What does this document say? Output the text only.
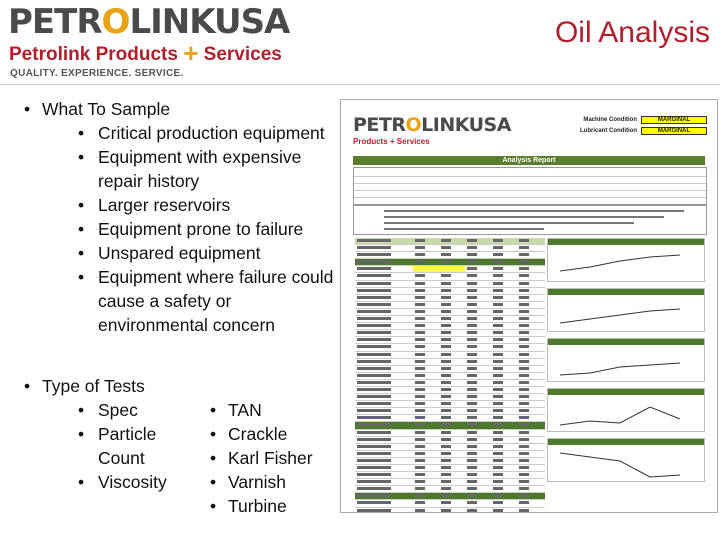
PETROLINKUSA
Petrolink Products + Services
QUALITY. EXPERIENCE. SERVICE.
Oil Analysis
• What To Sample
• Critical production equipment
• Equipment with expensive repair history
• Larger reservoirs
• Equipment prone to failure
• Unspared equipment
• Equipment where failure could cause a safety or environmental concern
• Type of Tests
• Spec
• Particle Count
• Viscosity
• TAN
• Crackle
• Karl Fisher
• Varnish
• Turbine
PETROLINKUSA
Products + Services
Machine Condition	MARGINAL
Lubricant Condition	MARGINAL
Analysis Report
